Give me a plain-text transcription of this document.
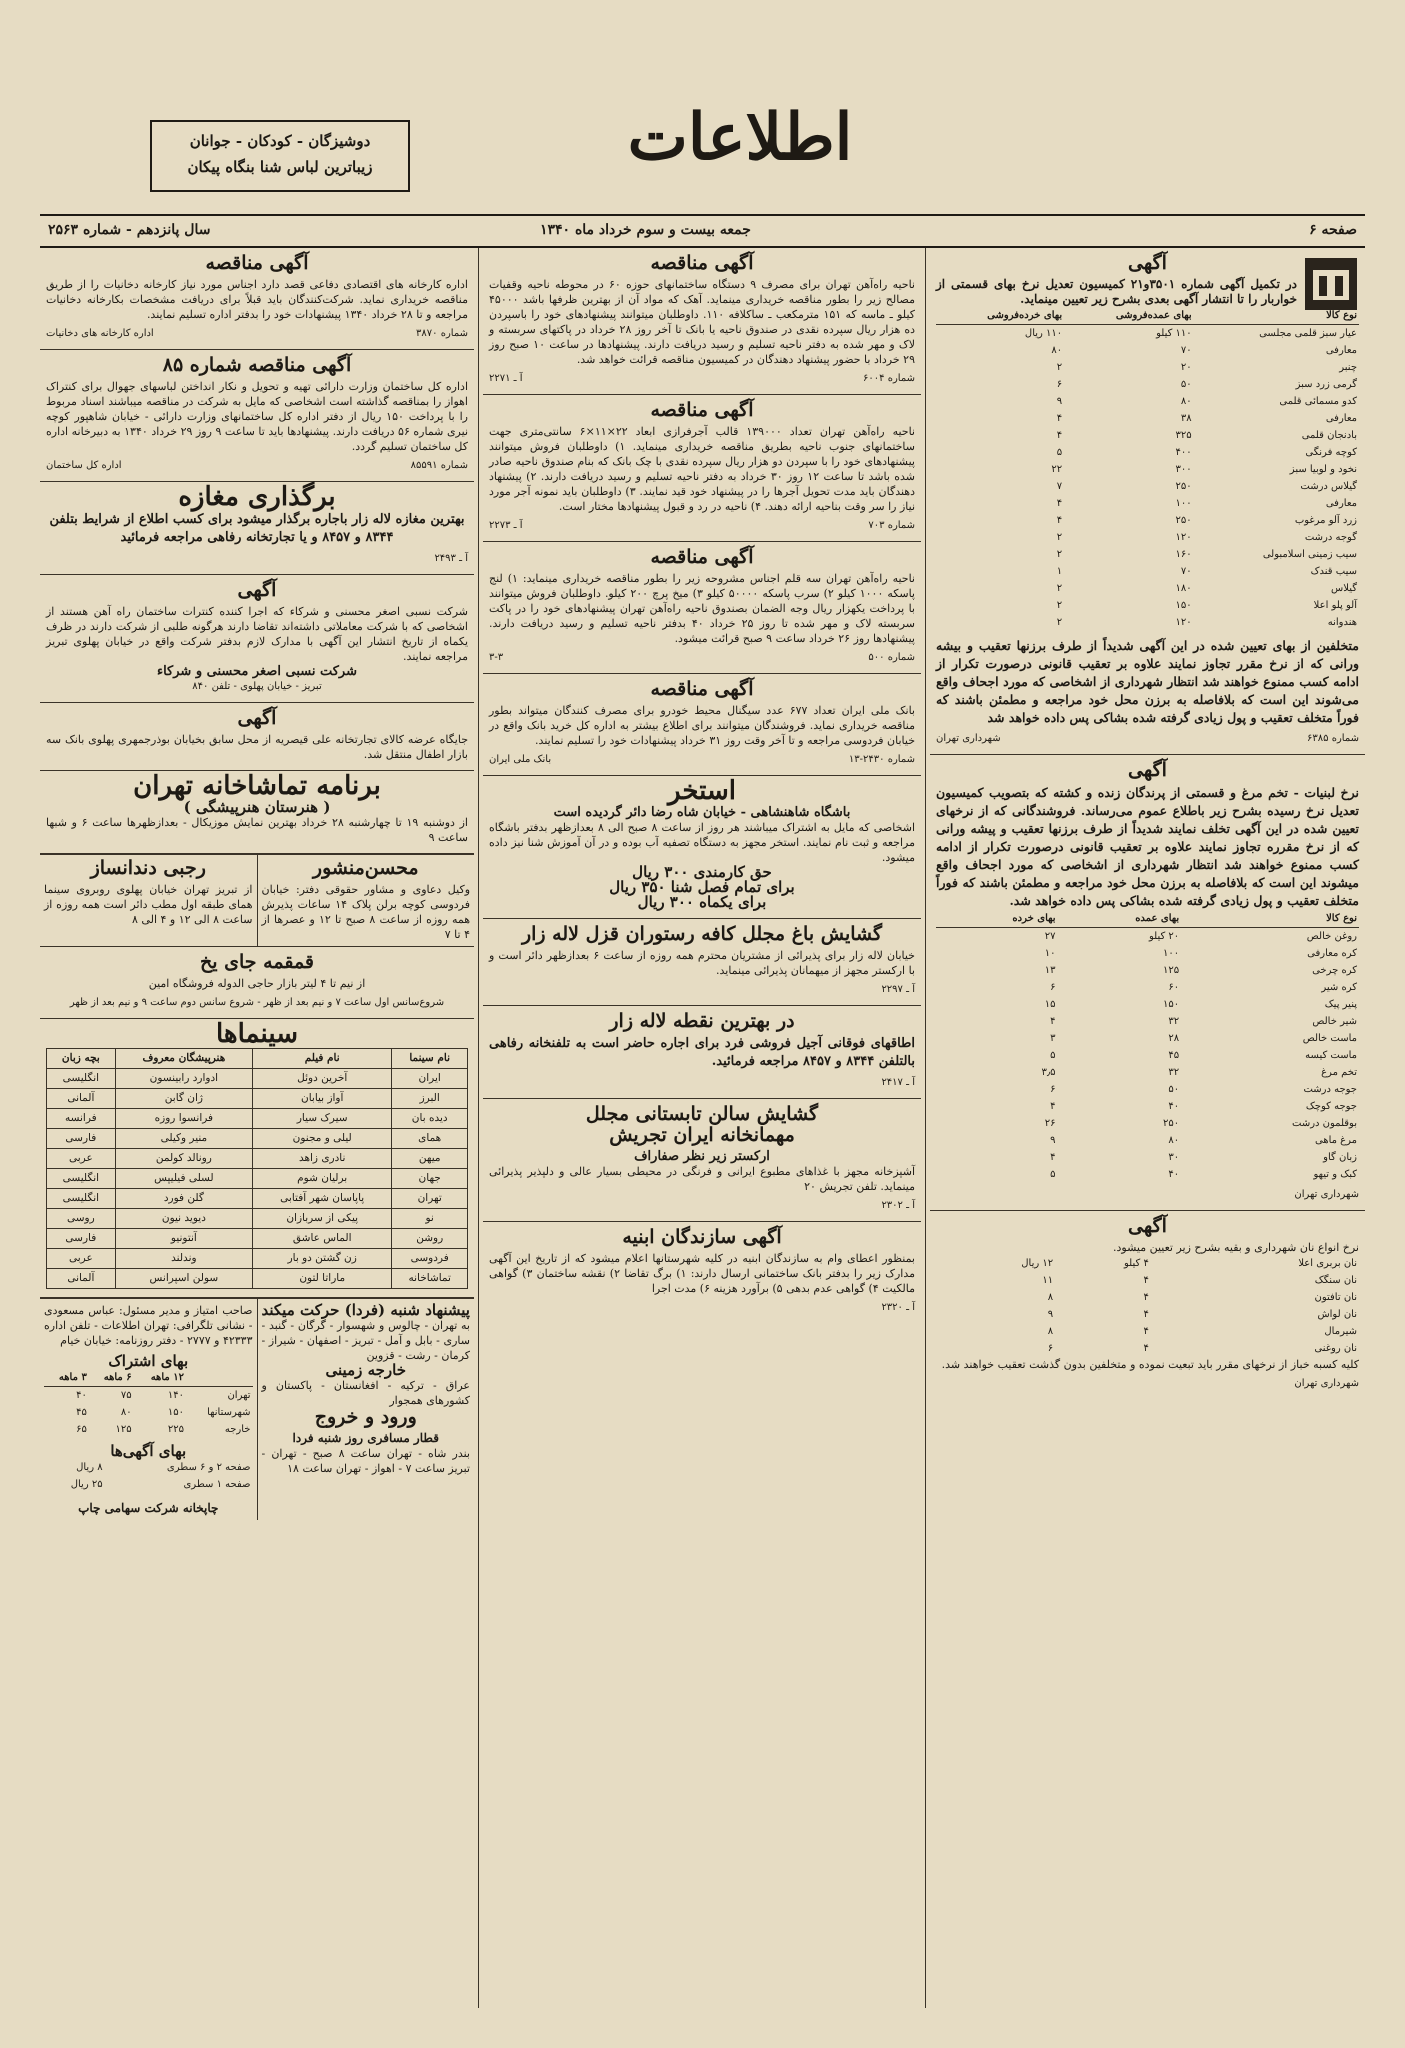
دوشیزگان - کودکان - جوانان
زیباترین لباس‌ شنا بنگاه پیکان	اطلاعات
صفحه ۶
جمعه بیست و سوم خرداد ماه ۱۳۴۰
سال پانزدهم - شماره ۲۵۶۳
آگهی
در تکمیل آگهی شماره ۳۵۰۱و۲۱ کمیسیون تعدیل نرخ بهای قسمتی از خواربار را تا انتشار آگهی بعدی بشرح زیر تعیین مینماید.
نوع کالا	بهای عمده‌فروشی	بهای خرده‌فروشی
عیار سبز قلمی مجلسی	۱۱۰ کیلو	۱۱۰ ریال
معارفی	۷۰	۸۰
چنبر	۲۰	۲
گرمی زرد سبز	۵۰	۶
کدو مسمائی قلمی	۸۰	۹
معارفی	۳۸	۴
بادنجان قلمی	۳۲۵	۴
کوچه فرنگی	۴۰۰	۵
نخود و لوبیا سبز	۳۰۰	۲۲
گیلاس درشت	۲۵۰	۷
معارفی	۱۰۰	۴
زرد آلو مرغوب	۲۵۰	۴
گوجه درشت	۱۲۰	۲
سیب زمینی اسلامبولی	۱۶۰	۲
سیب قندک	۷۰	۱
گیلاس	۱۸۰	۲
آلو پلو اعلا	۱۵۰	۲
هندوانه	۱۲۰	۲
متخلفین از بهای تعیین شده در این آگهی شدیداً از طرف برزنها تعقیب و بیشه ورانی که از نرخ مقرر تجاوز نمایند علاوه بر تعقیب قانونی درصورت تکرار از ادامه کسب ممنوع خواهند شد انتظار شهرداری از اشخاصی که مورد اجحاف واقع می‌شوند این است که بلافاصله به برزن محل خود مراجعه و مطمئن باشند که فوراً متخلف تعقیب و پول زیادی گرفته شده بشاکی پس داده خواهد شد
شماره ۶۳۸۵
شهرداری تهران
آگهی
نرخ لبنیات - تخم مرغ و قسمتی از پرندگان زنده و کشته که بتصویب کمیسیون تعدیل نرخ رسیده بشرح زیر باطلاع عموم می‌رساند. فروشندگانی که از نرخهای تعیین شده در این آگهی تخلف نمایند شدیداً از طرف برزنها تعقیب و پیشه ورانی که از نرخ مقرره تجاوز نمایند علاوه بر تعقیب قانونی درصورت تکرار از ادامه کسب ممنوع خواهند شد انتظار شهرداری از اشخاصی که مورد اجحاف واقع میشوند این است که بلافاصله به برزن محل خود مراجعه و مطمئن باشند که فوراً متخلف تعقیب و پول زیادی گرفته شده بشاکی پس داده خواهد شد.
نوع کالا	بهای عمده	بهای خرده
روغن خالص	۲۰ کیلو	۲۷
کره معارفی	۱۰۰	۱۰
کره چرخی	۱۲۵	۱۳
کره شیر	۶۰	۶
پنیر پیک	۱۵۰	۱۵
شیر خالص	۳۲	۴
ماست خالص	۲۸	۳
ماست کیسه	۴۵	۵
تخم مرغ	۳۲	۳٫۵
جوجه درشت	۵۰	۶
جوجه کوچک	۴۰	۴
بوقلمون درشت	۲۵۰	۲۶
مرغ ماهی	۸۰	۹
زبان گاو	۳۰	۴
کبک و تیهو	۴۰	۵
شهرداری تهران
آگهی
نرخ انواع نان شهرداری و بقیه بشرح زیر تعیین میشود.
نان بربری اعلا	۴ کیلو	۱۲ ریال
نان سنگک	۴	۱۱
نان تافتون	۴	۸
نان لواش	۴	۹
شیرمال	۴	۸
نان روغنی	۴	۶
کلیه کسبه خباز از نرخهای مقرر باید تبعیت نموده و متخلفین بدون گذشت تعقیب خواهند شد.
شهرداری تهران
آگهی مناقصه
ناحیه راه‌آهن تهران برای مصرف ۹ دستگاه ساختمانهای حوزه ۶۰ در محوطه ناحیه وقفیات مصالح زیر را بطور مناقصه خریداری مینماید. آهک که مواد آن از بهترین ظرفها باشد ۴۵۰۰۰ کیلو ـ ماسه که ۱۵۱ مترمکعب ـ ساکلافه ۱۱۰. داوطلبان میتوانند پیشنهادهای خود را باسپردن ده هزار ریال سپرده نقدی در صندوق ناحیه یا بانک تا آخر روز ۲۸ خرداد در پاکتهای سربسته و لاک و مهر شده به دفتر ناحیه تسلیم و رسید دریافت دارند. پیشنهادها در ساعت ۱۰ صبح روز ۲۹ خرداد با حضور پیشنهاد دهندگان در کمیسیون مناقصه قرائت خواهد شد.
شماره ۶۰۰۴
آ ـ ۲۲۷۱
آگهی مناقصه
ناحیه راه‌آهن تهران تعداد ۱۳۹۰۰۰ قالب آجرفرازی ابعاد ۲۲×۱۱×۶ سانتی‌متری جهت ساختمانهای جنوب ناحیه بطریق مناقصه خریداری مینماید. ۱) داوطلبان فروش میتوانند پیشنهادهای خود را با سپردن دو هزار ریال سپرده نقدی با چک بانک که بنام صندوق ناحیه صادر شده باشد تا ساعت ۱۲ روز ۳۰ خرداد به دفتر ناحیه تسلیم و رسید دریافت دارند. ۲) پیشنهاد دهندگان باید مدت تحویل آجرها را در پیشنهاد خود قید نمایند. ۳) داوطلبان باید نمونه آجر مورد نیاز را سر وقت بناحیه ارائه دهند. ۴) ناحیه در رد و قبول پیشنهادها مختار است.
شماره ۷۰۳
آ ـ ۲۲۷۳
آگهی مناقصه
ناحیه راه‌آهن تهران سه قلم اجناس مشروحه زیر را بطور مناقصه خریداری مینماید: ۱) لنج پاسکه ۱۰۰۰ کیلو ۲) سرب پاسکه ۵۰۰۰۰ کیلو ۳) میخ پرچ ۲۰۰ کیلو. داوطلبان فروش میتوانند با پرداخت یکهزار ریال وجه الضمان بصندوق ناحیه راه‌آهن تهران پیشنهادهای خود را در پاکت سربسته لاک و مهر شده تا روز ۲۵ خرداد ۴۰ بدفتر ناحیه تسلیم و رسید دریافت دارند. پیشنهادها روز ۲۶ خرداد ساعت ۹ صبح قرائت میشود.
شماره ۵۰۰
۳-۳
آگهی مناقصه
بانک ملی ایران تعداد ۶۷۷ عدد سیگنال محیط خودرو برای مصرف کنندگان میتواند بطور مناقصه خریداری نماید. فروشندگان میتوانند برای اطلاع بیشتر به اداره کل خرید بانک واقع در خیابان فردوسی مراجعه و تا آخر وقت روز ۳۱ خرداد پیشنهادات خود را تسلیم نمایند.
شماره ۲۴۳۰-۱۳
بانک ملی ایران
استخر
باشگاه شاهنشاهی - خیابان شاه رضا دائر گردیده است
اشخاصی که مایل به اشتراک میباشند هر روز از ساعت ۸ صبح الی ۸ بعدازظهر بدفتر باشگاه مراجعه و ثبت نام نمایند. استخر مجهز به دستگاه تصفیه آب بوده و در آن آموزش شنا نیز داده میشود.
حق کارمندی ۳۰۰ ریال
برای تمام فصل شنا ۳۵۰ ریال
برای یکماه ۳۰۰ ریال
گشایش باغ مجلل کافه رستوران قزل لاله زار
خیابان لاله زار برای پذیرائی از مشتریان محترم همه روزه از ساعت ۶ بعدازظهر دائر است و با ارکستر مجهز از میهمانان پذیرائی مینماید.
آ ـ ۲۲۹۷
در بهترین نقطه لاله زار
اطاقهای فوقانی آجیل فروشی فرد برای اجاره حاضر است به تلفنخانه رفاهی بالتلفن ۸۳۴۴ و ۸۴۵۷ مراجعه فرمائید.
آ ـ ۲۴۱۷
گشایش سالن تابستانی مجلل
مهمانخانه ایران تجریش
ارکستر زیر نظر صفاراف
آشپزخانه مجهز با غذاهای مطبوع ایرانی و فرنگی در محیطی بسیار عالی و دلپذیر پذیرائی مینماید. تلفن تجریش ۲۰
آ ـ ۲۳۰۲
آگهی سازندگان ابنیه
بمنظور اعطای وام به سازندگان ابنیه در کلیه شهرستانها اعلام میشود که از تاریخ این آگهی مدارک زیر را بدفتر بانک ساختمانی ارسال دارند: ۱) برگ تقاضا ۲) نقشه ساختمان ۳) گواهی مالکیت ۴) گواهی عدم بدهی ۵) برآورد هزینه ۶) مدت اجرا
آ ـ ۲۳۲۰
آگهی مناقصه
اداره کارخانه های اقتصادی دفاعی قصد دارد اجناس مورد نیاز کارخانه دخانیات را از طریق مناقصه خریداری نماید. شرکت‌کنندگان باید قبلاً برای دریافت مشخصات بکارخانه دخانیات مراجعه و تا ۲۸ خرداد ۱۳۴۰ پیشنهادات خود را بدفتر اداره تسلیم نمایند.
شماره ۳۸۷۰
اداره کارخانه های دخانیات
آگهی مناقصه شماره ۸۵
اداره کل ساختمان وزارت دارائی تهیه و تحویل و نکار انداختن لباسهای جهوال برای کنتراک اهواز را بمناقصه گذاشته است اشخاصی که مایل به شرکت در مناقصه میباشند اسناد مربوط را با پرداخت ۱۵۰ ریال از دفتر اداره کل ساختمانهای وزارت دارائی - خیابان شاهپور کوچه نیری شماره ۵۶ دریافت دارند. پیشنهادها باید تا ساعت ۹ روز ۲۹ خرداد ۱۳۴۰ به دبیرخانه اداره کل ساختمان تسلیم گردد.
شماره ۸۵۵۹۱
اداره کل ساختمان
برگذاری مغازه
بهترین مغازه لاله زار باجاره برگذار میشود برای کسب اطلاع از شرایط بتلفن ۸۳۴۴ و ۸۴۵۷ و یا تجارتخانه رفاهی مراجعه فرمائید
آ ـ ۲۴۹۳
آگهی
شرکت نسبی اصغر محسنی و شرکاء که اجرا کننده کنترات ساختمان راه آهن هستند از اشخاصی که با شرکت معاملاتی داشته‌اند تقاضا دارند هرگونه طلبی از شرکت دارند در ظرف یکماه از تاریخ انتشار این آگهی با مدارک لازم بدفتر شرکت واقع در خیابان پهلوی تبریز مراجعه نمایند.
شرکت نسبی اصغر محسنی و شرکاء
تبریز - خیابان پهلوی - تلفن ۸۴۰
آگهی
جایگاه عرضه کالای تجارتخانه علی قیصریه از محل سابق بخیابان بوذرجمهری پهلوی بانک سه بازار اطفال منتقل شد.
برنامه تماشاخانه تهران
( هنرستان هنرپیشگی )
از دوشنبه ۱۹ تا چهارشنبه ۲۸ خرداد بهترین نمایش موزیکال - بعدازظهرها ساعت ۶ و شبها ساعت ۹
محسن‌منشور
وکیل دعاوی و مشاور حقوقی دفتر: خیابان فردوسی کوچه برلن پلاک ۱۴ ساعات پذیرش همه روزه از ساعت ۸ صبح تا ۱۲ و عصرها از ۴ تا ۷
رجبی دندانساز
از تبریز تهران خیابان پهلوی روبروی سینما همای طبقه اول مطب دائر است همه روزه از ساعت ۸ الی ۱۲ و ۴ الی ۸
قمقمه جای یخ
از نیم تا ۴ لیتر بازار حاجی الدوله فروشگاه امین
شروع‌سانس اول ساعت ۷ و نیم بعد از ظهر - شروع سانس دوم ساعت ۹ و نیم بعد از ظهر
سینماها
نام سینما	نام فیلم	هنرپیشگان معروف	بچه زبان
ایران	آخرین دوئل	ادوارد رابینسون	انگلیسی
البرز	آواز بیابان	ژان گابن	آلمانی
دیده بان	سیرک سیار	فرانسوا روزه	فرانسه
همای	لیلی و مجنون	منیر وکیلی	فارسی
میهن	نادری زاهد	رونالد کولمن	عربی
جهان	برلیان شوم	لسلی فیلیپس	انگلیسی
تهران	پاپاسان شهر آفتابی	گلن فورد	انگلیسی
نو	پیکی از سربازان	دیوید نیون	روسی
روشن	الماس عاشق	آنتونیو	فارسی
فردوسی	زن گشتن دو بار	وندلند	عربی
تماشاخانه	ماراتا لتون	سولن اسپرانس	آلمانی
پیشنهاد شنبه (فردا) حرکت میکند
به تهران - چالوس و شهسوار - گرگان - گنبد - ساری - بابل و آمل - تبریز - اصفهان - شیراز - کرمان - رشت - قزوین
خارجه زمینی
عراق - ترکیه - افغانستان - پاکستان و کشورهای همجوار
ورود و خروج
قطار مسافری روز شنبه فردا
بندر شاه - تهران ساعت ۸ صبح - تهران - تبریز ساعت ۷ - اهواز - تهران ساعت ۱۸
صاحب امتیاز و مدیر مسئول: عباس مسعودی - نشانی تلگرافی: تهران اطلاعات - تلفن اداره ۴۲۳۳۳ و ۲۷۷۷ - دفتر روزنامه: خیابان خیام
بهای اشتراک
	۱۲ ماهه	۶ ماهه	۳ ماهه
تهران	۱۴۰	۷۵	۴۰
شهرستانها	۱۵۰	۸۰	۴۵
خارجه	۲۲۵	۱۲۵	۶۵
بهای آگهی‌ها
صفحه ۲ و ۶ سطری	۸ ریال
صفحه ۱ سطری	۲۵ ریال
چاپخانه شرکت سهامی چاپ
